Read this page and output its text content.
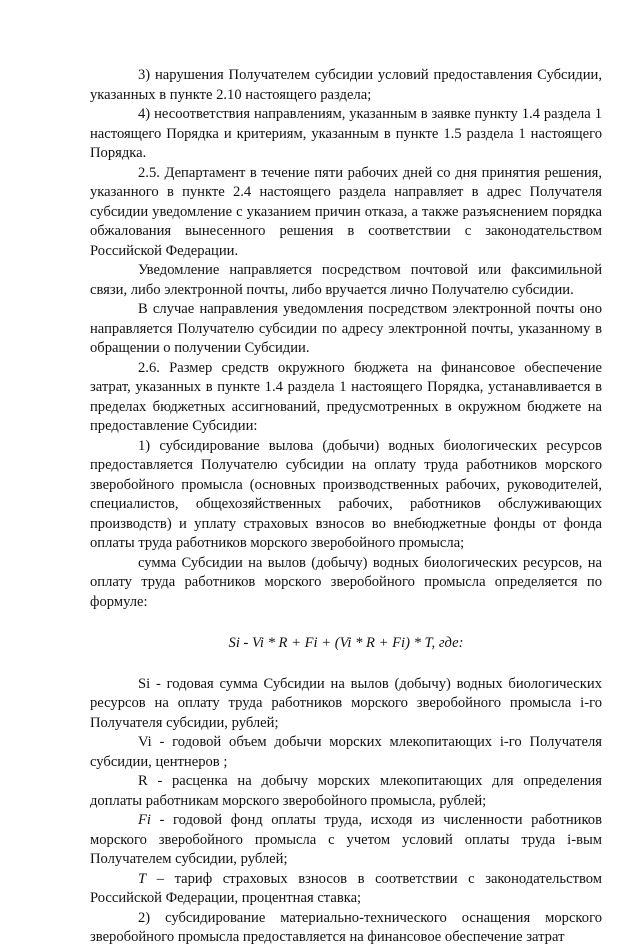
3) нарушения Получателем субсидии условий предоставления Субсидии, указанных в пункте 2.10 настоящего раздела;

4) несоответствия направлениям, указанным в заявке пункту 1.4 раздела 1 настоящего Порядка и критериям, указанным в пункте 1.5 раздела 1 настоящего Порядка.

2.5. Департамент в течение пяти рабочих дней со дня принятия решения, указанного в пункте 2.4 настоящего раздела направляет в адрес Получателя субсидии уведомление с указанием причин отказа, а также разъяснением порядка обжалования вынесенного решения в соответствии с законодательством Российской Федерации.

Уведомление направляется посредством почтовой или факсимильной связи, либо электронной почты, либо вручается лично Получателю субсидии.

В случае направления уведомления посредством электронной почты оно направляется Получателю субсидии по адресу электронной почты, указанному в обращении о получении Субсидии.

2.6. Размер средств окружного бюджета на финансовое обеспечение затрат, указанных в пункте 1.4 раздела 1 настоящего Порядка, устанавливается в пределах бюджетных ассигнований, предусмотренных в окружном бюджете на предоставление Субсидии:

1) субсидирование вылова (добычи) водных биологических ресурсов предоставляется Получателю субсидии на оплату труда работников морского зверобойного промысла (основных производственных рабочих, руководителей, специалистов, общехозяйственных рабочих, работников обслуживающих производств) и уплату страховых взносов во внебюджетные фонды от фонда оплаты труда работников морского зверобойного промысла;

сумма Субсидии на вылов (добычу) водных биологических ресурсов, на оплату труда работников морского зверобойного промысла определяется по формуле:

Si - Vi * R + Fi + (Vi * R + Fi) * T, где:

Si - годовая сумма Субсидии на вылов (добычу) водных биологических ресурсов на оплату труда работников морского зверобойного промысла i-го Получателя субсидии, рублей;

Vi - годовой объем добычи морских млекопитающих i-го Получателя субсидии, центнеров ;

R - расценка на добычу морских млекопитающих для определения доплаты работникам морского зверобойного промысла, рублей;

Fi - годовой фонд оплаты труда, исходя из численности работников морского зверобойного промысла с учетом условий оплаты труда i-вым Получателем субсидии, рублей;

T – тариф страховых взносов в соответствии с законодательством Российской Федерации, процентная ставка;

2) субсидирование материально-технического оснащения морского зверобойного промысла предоставляется на финансовое обеспечение затрат
